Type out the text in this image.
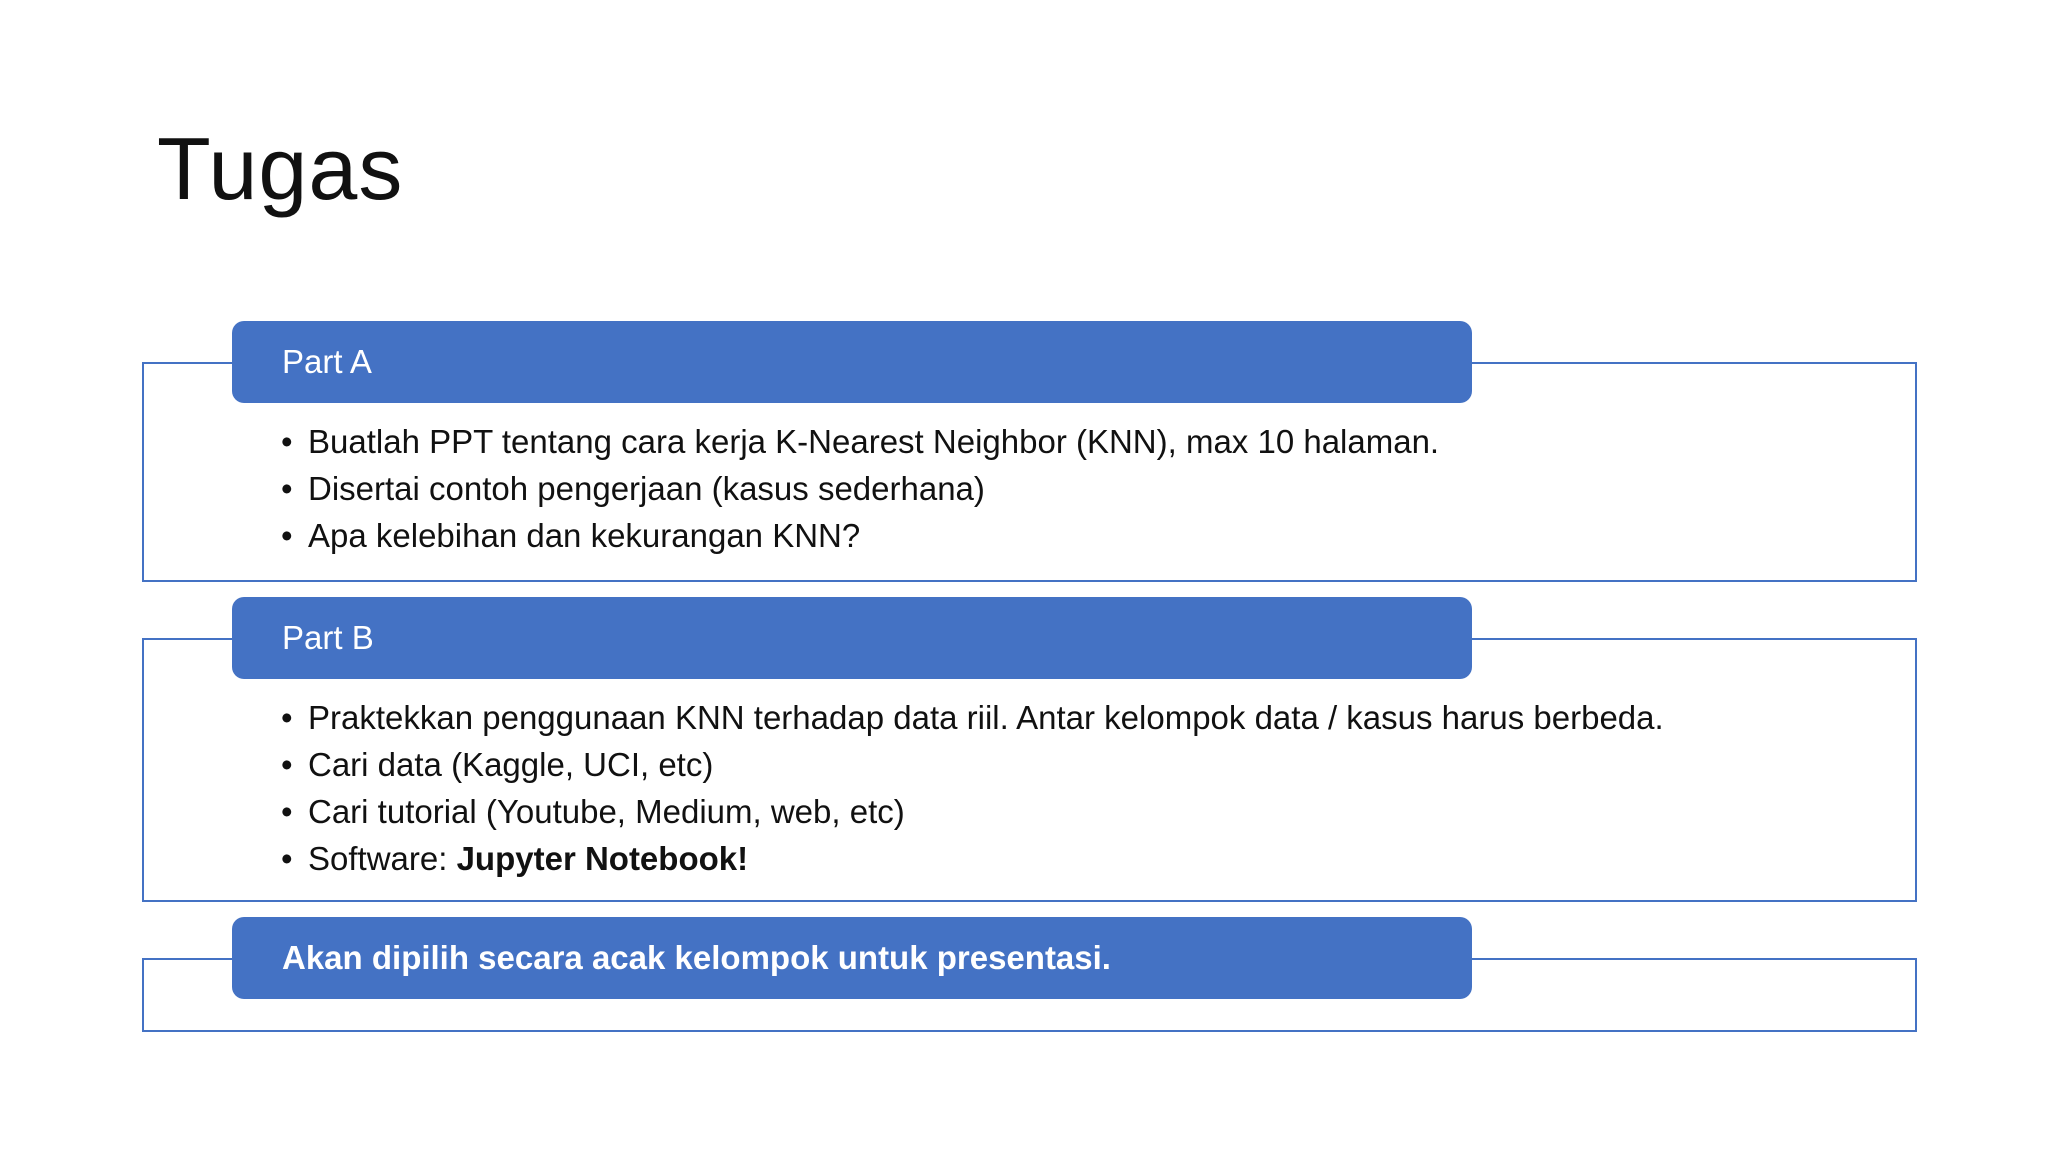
Tugas
Part A
• Buatlah PPT tentang cara kerja K-Nearest Neighbor (KNN), max 10 halaman.
• Disertai contoh pengerjaan (kasus sederhana)
• Apa kelebihan dan kekurangan KNN?
Part B
• Praktekkan penggunaan KNN terhadap data riil. Antar kelompok data / kasus harus berbeda.
• Cari data (Kaggle, UCI, etc)
• Cari tutorial (Youtube, Medium, web, etc)
• Software: Jupyter Notebook!
Akan dipilih secara acak kelompok untuk presentasi.
